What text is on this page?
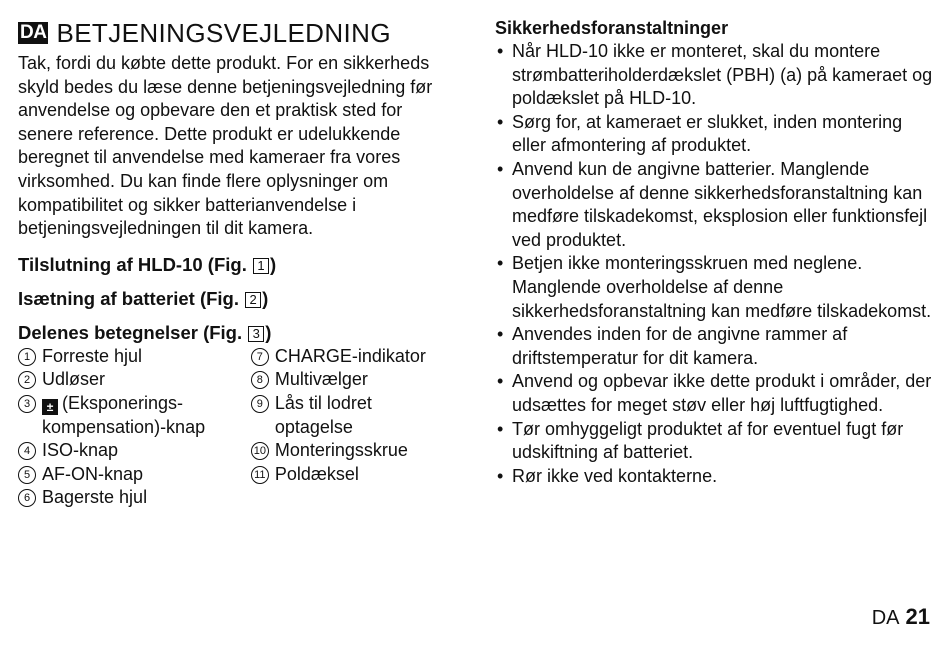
DA BETJENINGSVEJLEDNING

Tak, fordi du købte dette produkt. For en sikkerheds skyld bedes du læse denne betjeningsvejledning før anvendelse og opbevare den et praktisk sted for senere reference. Dette produkt er udelukkende beregnet til anvendelse med kameraer fra vores virksomhed. Du kan finde flere oplysninger om kompatibilitet og sikker batterianvendelse i betjeningsvejledningen til dit kamera.

Tilslutning af HLD-10 (Fig. 1 )
Isætning af batteriet (Fig. 2 )
Delenes betegnelser (Fig. 3 )
1 Forreste hjul
2 Udløser
3	± (Eksponerings-
kompensation)-knap
4 ISO-knap
5 AF-ON-knap
6 Bagerste hjul
7 CHARGE-indikator
8 Multivælger
9 Lås til lodret
optagelse
10 Monteringsskrue
11 Poldæksel
Sikkerhedsforanstaltninger
• Når HLD-10 ikke er monteret, skal du montere strømbatteriholderdækslet (PBH) (a) på kameraet og poldækslet på HLD-10.
• Sørg for, at kameraet er slukket, inden montering eller afmontering af produktet.
• Anvend kun de angivne batterier. Manglende overholdelse af denne sikkerhedsforanstaltning kan medføre tilskadekomst, eksplosion eller funktionsfejl ved produktet.
• Betjen ikke monteringsskruen med neglene. Manglende overholdelse af denne sikkerhedsforanstaltning kan medføre tilskadekomst.
• Anvendes inden for de angivne rammer af driftstemperatur for dit kamera.
• Anvend og opbevar ikke dette produkt i områder, der udsættes for meget støv eller høj luftfugtighed.
• Tør omhyggeligt produktet af for eventuel fugt før udskiftning af batteriet.
• Rør ikke ved kontakterne.
DA 21
